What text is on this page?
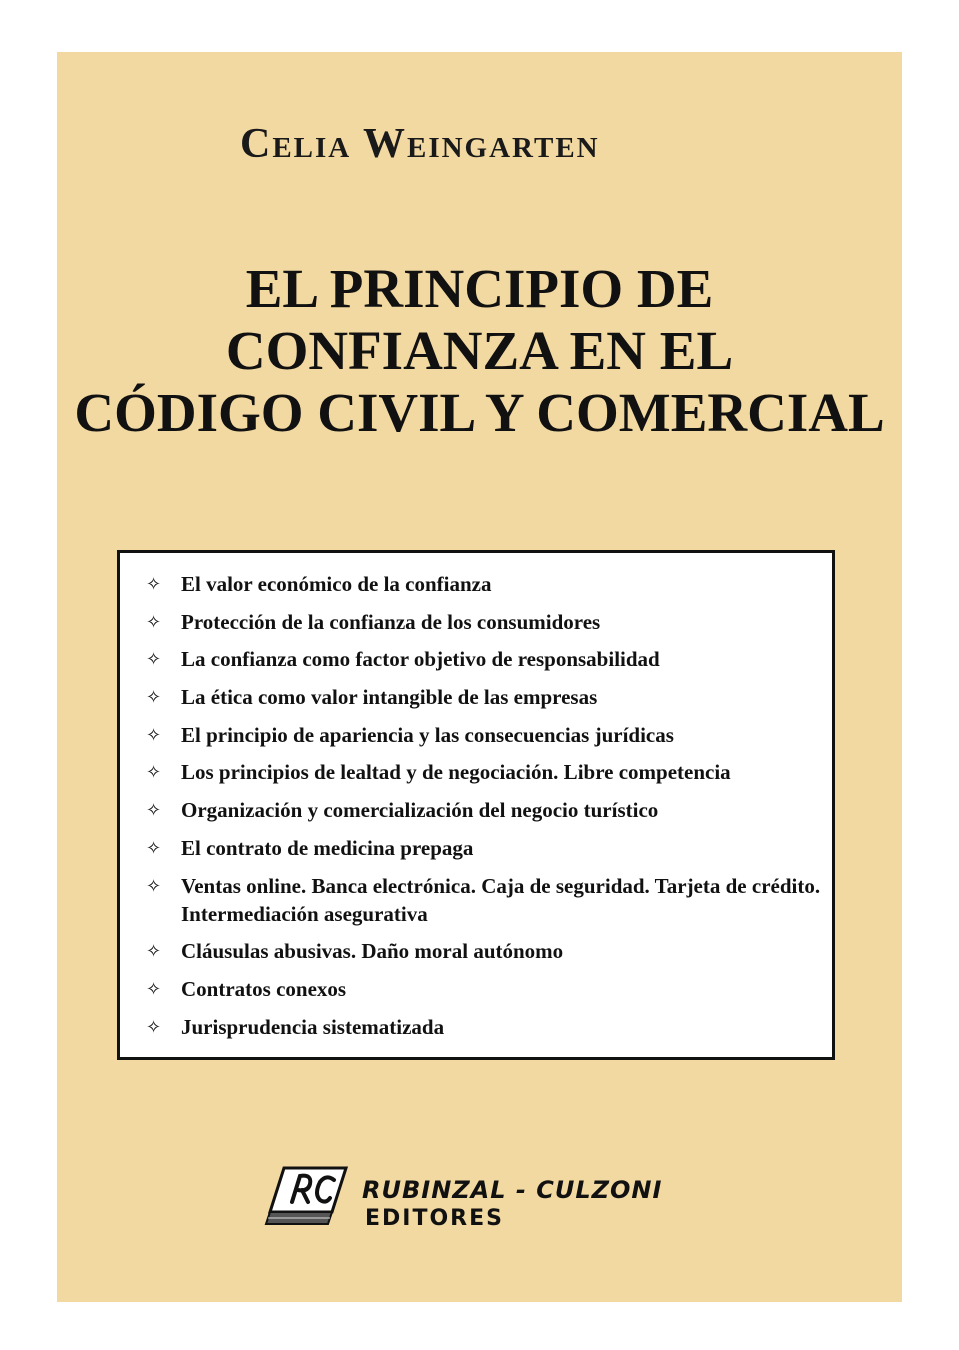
Celia Weingarten
EL PRINCIPIO DE
CONFIANZA EN EL
CÓDIGO CIVIL Y COMERCIAL
✧ El valor económico de la confianza
✧ Protección de la confianza de los consumidores
✧ La confianza como factor objetivo de responsabilidad
✧ La ética como valor intangible de las empresas
✧ El principio de apariencia y las consecuencias jurídicas
✧ Los principios de lealtad y de negociación. Libre competencia
✧ Organización y comercialización del negocio turístico
✧ El contrato de medicina prepaga
✧ Ventas online. Banca electrónica. Caja de seguridad. Tarjeta de crédito. Intermediación asegurativa
✧ Cláusulas abusivas. Daño moral autónomo
✧ Contratos conexos
✧ Jurisprudencia sistematizada
RUBINZAL - CULZONI
EDITORES
